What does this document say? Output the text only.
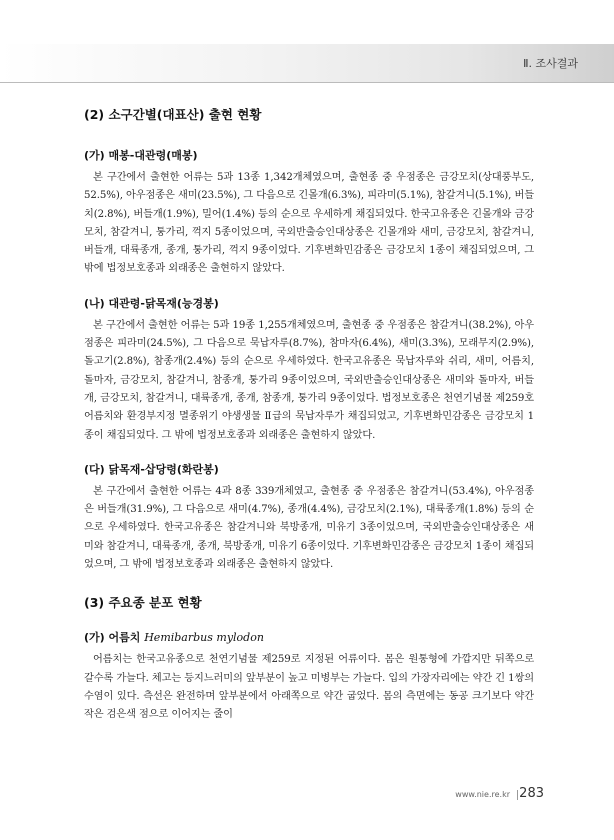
Ⅱ. 조사결과
(2) 소구간별(대표산) 출현 현황
(가) 매봉-대관령(매봉)

본 구간에서 출현한 어류는 5과 13종 1,342개체였으며, 출현종 중 우점종은 금강모치(상대풍부도, 52.5%), 아우점종은 새미(23.5%), 그 다음으로 긴몰개(6.3%), 피라미(5.1%), 참갈겨니(5.1%), 버들치(2.8%), 버들개(1.9%), 밀어(1.4%) 등의 순으로 우세하게 채집되었다. 한국고유종은 긴몰개와 금강모치, 참갈겨니, 퉁가리, 꺽지 5종이었으며, 국외반출승인대상종은 긴몰개와 새미, 금강모치, 참갈겨니, 버들개, 대륙종개, 종개, 퉁가리, 꺽지 9종이었다. 기후변화민감종은 금강모치 1종이 채집되었으며, 그 밖에 법정보호종과 외래종은 출현하지 않았다.

(나) 대관령-닭목재(능경봉)

본 구간에서 출현한 어류는 5과 19종 1,255개체였으며, 출현종 중 우점종은 참갈겨니(38.2%), 아우점종은 피라미(24.5%), 그 다음으로 묵납자루(8.7%), 참마자(6.4%), 새미(3.3%), 모래무지(2.9%), 돌고기(2.8%), 참종개(2.4%) 등의 순으로 우세하였다. 한국고유종은 묵납자루와 쉬리, 새미, 어름치, 돌마자, 금강모치, 참갈겨니, 참종개, 퉁가리 9종이었으며, 국외반출승인대상종은 새미와 돌마자, 버들개, 금강모치, 참갈겨니, 대륙종개, 종개, 참종개, 퉁가리 9종이었다. 법정보호종은 천연기념물 제259호 어름치와 환경부지정 멸종위기 야생생물 Ⅱ급의 묵납자루가 채집되었고, 기후변화민감종은 금강모치 1종이 채집되었다. 그 밖에 법정보호종과 외래종은 출현하지 않았다.

(다) 닭목재-삽당령(화란봉)

본 구간에서 출현한 어류는 4과 8종 339개체였고, 출현종 중 우점종은 참갈겨니(53.4%), 아우점종은 버들개(31.9%), 그 다음으로 새미(4.7%), 종개(4.4%), 금강모치(2.1%), 대륙종개(1.8%) 등의 순으로 우세하였다. 한국고유종은 참갈겨니와 북방종개, 미유기 3종이었으며, 국외반출승인대상종은 새미와 참갈겨니, 대륙종개, 종개, 북방종개, 미유기 6종이었다. 기후변화민감종은 금강모치 1종이 채집되었으며, 그 밖에 법정보호종과 외래종은 출현하지 않았다.

(3) 주요종 분포 현황
(가) 어름치 Hemibarbus mylodon

어름치는 한국고유종으로 천연기념물 제259로 지정된 어류이다. 몸은 원통형에 가깝지만 뒤쪽으로 갈수록 가늘다. 체고는 등지느러미의 앞부분이 높고 미병부는 가늘다. 입의 가장자리에는 약간 긴 1쌍의 수염이 있다. 측선은 완전하며 앞부분에서 아래쪽으로 약간 굽었다. 몸의 측면에는 동공 크기보다 약간 작은 검은색 점으로 이어지는 줄이

www.nie.re.kr 283
